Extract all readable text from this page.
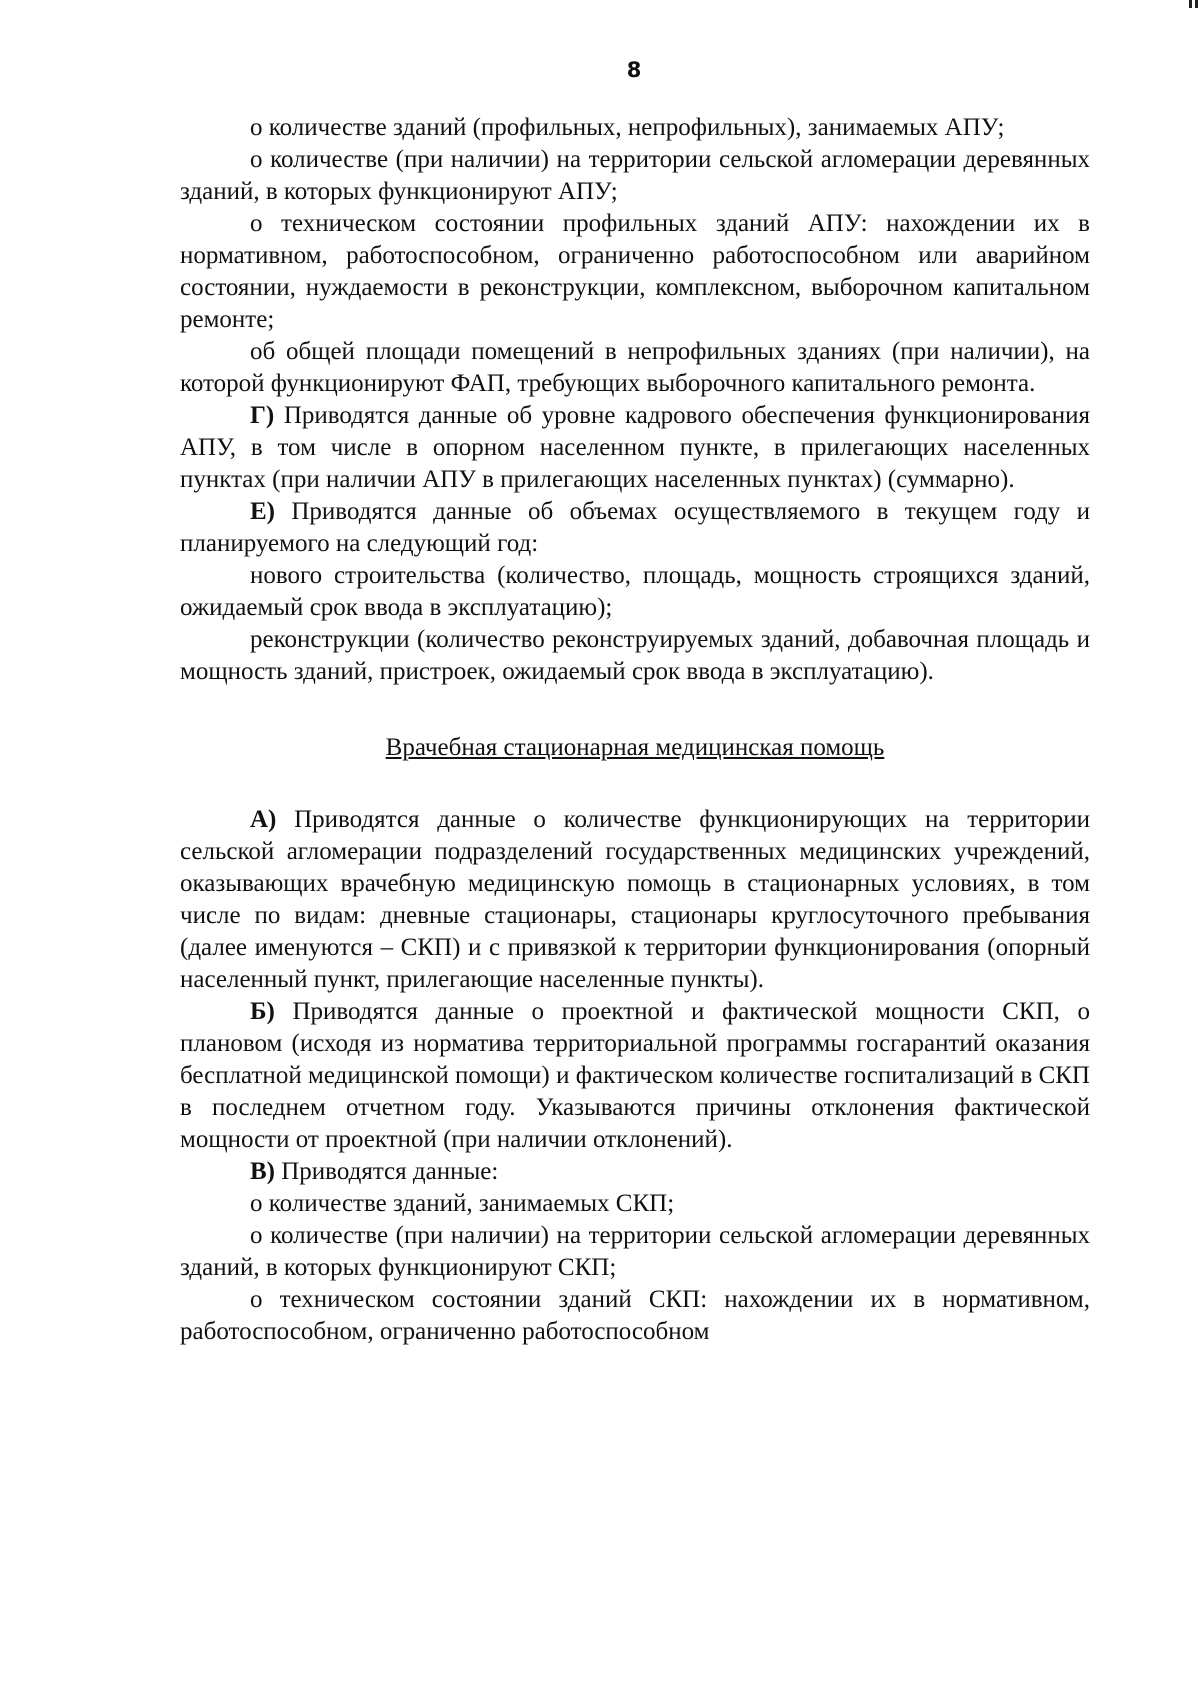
8

о количестве зданий (профильных, непрофильных), занимаемых АПУ;

о количестве (при наличии) на территории сельской агломерации деревянных зданий, в которых функционируют АПУ;

о техническом состоянии профильных зданий АПУ: нахождении их в нормативном, работоспособном, ограниченно работоспособном или аварийном состоянии, нуждаемости в реконструкции, комплексном, выборочном капитальном ремонте;

об общей площади помещений в непрофильных зданиях (при наличии), на которой функционируют ФАП, требующих выборочного капитального ремонта.

Г) Приводятся данные об уровне кадрового обеспечения функционирования АПУ, в том числе в опорном населенном пункте, в прилегающих населенных пунктах (при наличии АПУ в прилегающих населенных пунктах) (суммарно).

Е) Приводятся данные об объемах осуществляемого в текущем году и планируемого на следующий год:

нового строительства (количество, площадь, мощность строящихся зданий, ожидаемый срок ввода в эксплуатацию);

реконструкции (количество реконструируемых зданий, добавочная площадь и мощность зданий, пристроек, ожидаемый срок ввода в эксплуатацию).

Врачебная стационарная медицинская помощь

А) Приводятся данные о количестве функционирующих на территории сельской агломерации подразделений государственных медицинских учреждений, оказывающих врачебную медицинскую помощь в стационарных условиях, в том числе по видам: дневные стационары, стационары круглосуточного пребывания (далее именуются – СКП) и с привязкой к территории функционирования (опорный населенный пункт, прилегающие населенные пункты).

Б) Приводятся данные о проектной и фактической мощности СКП, о плановом (исходя из норматива территориальной программы госгарантий оказания бесплатной медицинской помощи) и фактическом количестве госпитализаций в СКП в последнем отчетном году. Указываются причины отклонения фактической мощности от проектной (при наличии отклонений).

В) Приводятся данные:

о количестве зданий, занимаемых СКП;

о количестве (при наличии) на территории сельской агломерации деревянных зданий, в которых функционируют СКП;

о техническом состоянии зданий СКП: нахождении их в нормативном, работоспособном, ограниченно работоспособном
